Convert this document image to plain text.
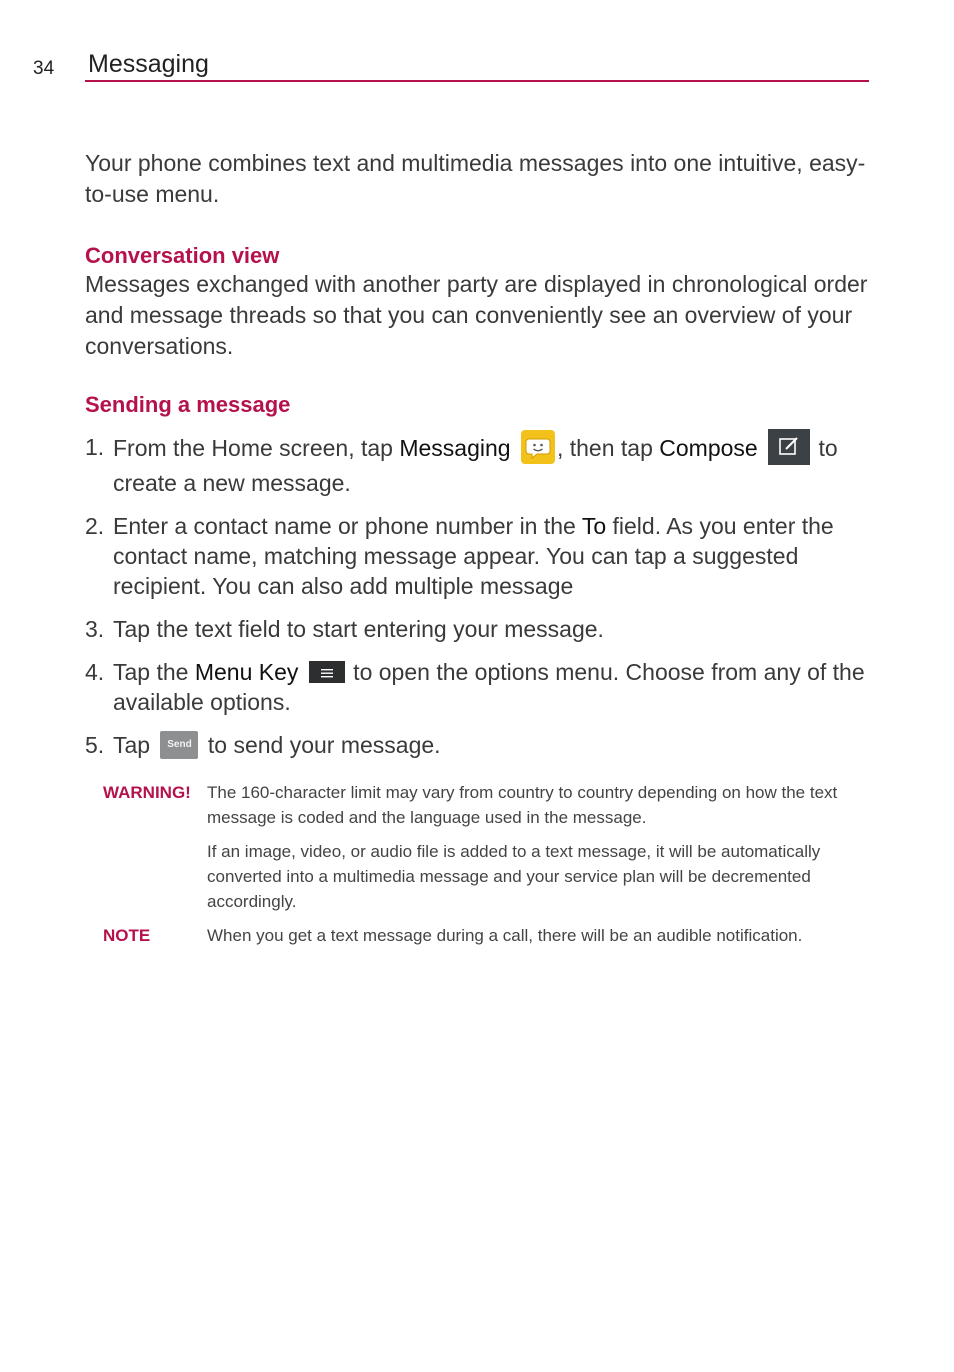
34 Messaging

Your phone combines text and multimedia messages into one intuitive, easy-to-use menu.

Conversation view

Messages exchanged with another party are displayed in chronological order and message threads so that you can conveniently see an overview of your conversations.

Sending a message
1. From the Home screen, tap Messaging , then tap Compose  to create a new message.
2. Enter a contact name or phone number in the To field. As you enter the contact name, matching message appear. You can tap a suggested recipient. You can also add multiple message
3. Tap the text field to start entering your message.
4. Tap the Menu Key  to open the options menu. Choose from any of the available options.
5. Tap Send to send your message.
WARNING! The 160-character limit may vary from country to country depending on how the text message is coded and the language used in the message.
If an image, video, or audio file is added to a text message, it will be automatically converted into a multimedia message and your service plan will be decremented accordingly.
NOTE	When you get a text message during a call, there will be an audible notification.
